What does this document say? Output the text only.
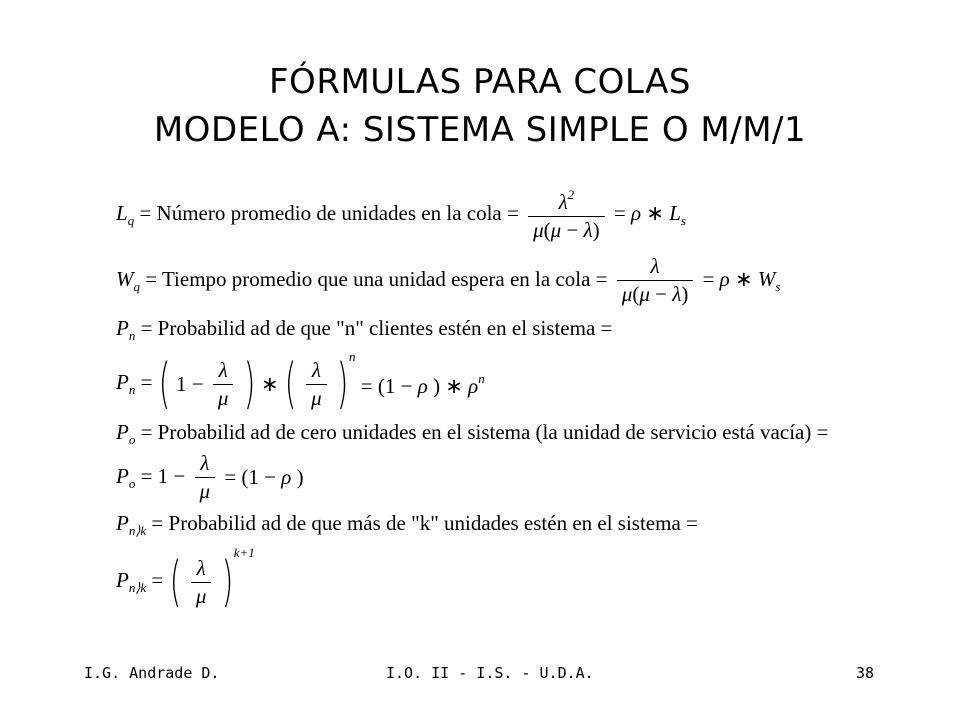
FÓRMULAS PARA COLAS
MODELO A: SISTEMA SIMPLE O M/M/1
$L_q$ = Número promedio de unidades en la cola = $\frac{\lambda^2}{\mu(\mu - \lambda)} = \rho$ ∗ $L_s$
$W_q$ = Tiempo promedio que una unidad espera en la cola = $\frac{\lambda}{\mu(\mu - \lambda)} = \rho$ ∗ $W_s$
$P_n$ = Probabilid ad de que "n" clientes estén en el sistema =
$P_n$ = ( $1 - \frac{\lambda}{\mu}$ ) ∗ ( $\frac{\lambda}{\mu} )^n = (1 - \rho$ ) ∗ $\rho^n$
$P_o$ = Probabilid ad de cero unidades en el sistema (la unidad de servicio está vacía) =
$P_o = 1 - \frac{\lambda}{\mu} = (1 - \rho$ )
$P_{n⟩k}$ = Probabilid ad de que más de "k" unidades estén en el sistema =
$P_{n⟩k}$ = ( $\frac{\lambda}{\mu} )^{k+1}$
I.G. Andrade D.	I.O. II - I.S. - U.D.A.	38
